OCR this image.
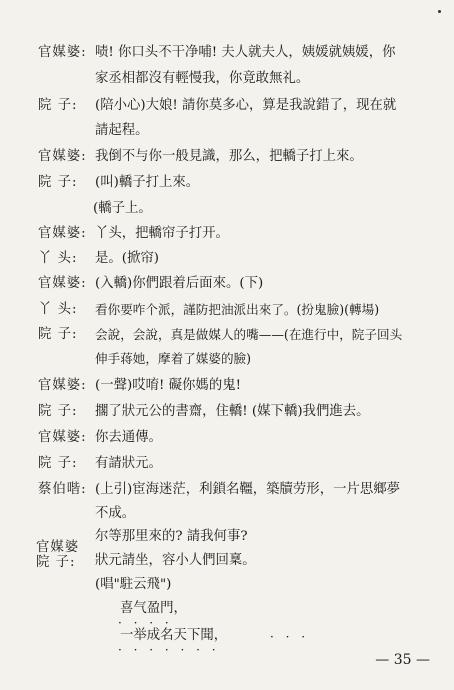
官媒婆: 啧! 你口头不干净哺! 夫人就夫人，姨媛就姨媛，你
家丞相都沒有輕慢我，你竟敢無礼。
院 子: (陪小心)大娘! 請你莫多心，算是我說錯了，现在就
請起程。
官媒婆: 我倒不与你一般見識，那么，把轎子打上來。
院 子: (叫)轎子打上來。
(轎子上。
官媒婆: 丫头，把轎帘子打开。
丫 头: 是。(掀帘)
官媒婆: (入轎)你們跟着后面來。(下)
丫 头: 看你要咋个派，謹防把油派出來了。(扮鬼臉)(轉場)
院 子: 会說，会說，真是做媒人的嘴——(在進行中，院子回头
伸手蒋她，摩着了媒婆的臉)
官媒婆: (一聲)哎唷! 礙你媽的鬼!
院 子: 擱了狀元公的書齋，住轎! (媒下轎)我們進去。
官媒婆: 你去通傳。
院 子: 有請狀元。
蔡伯喈: (上引)宦海迷茫，利鎖名韁，築牘劳形，一片思鄉夢
不成。
尔等那里來的? 請我何事?
官媒婆
院 子: 狀元請坐，容小人們回稟。
(唱"駐云飛")
喜气盈門，
· · · ·
一举成名天下聞，
· · · · · · ·
· · ·
— 35 —
